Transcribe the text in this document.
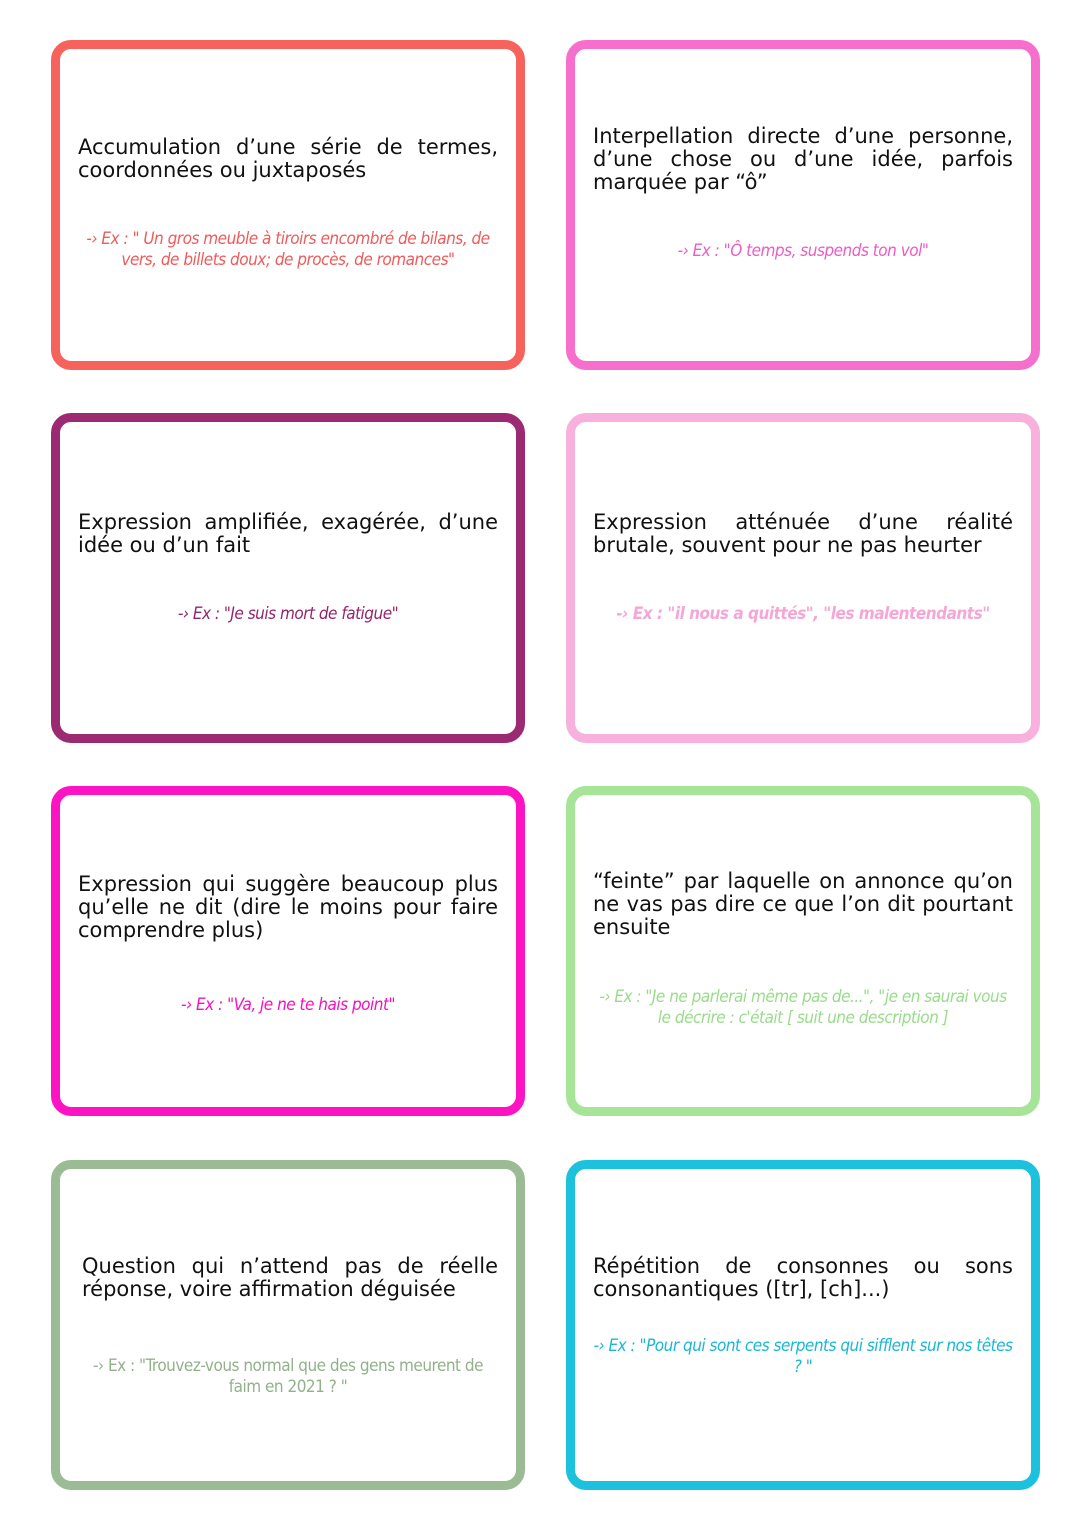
Accumulation d’une série de termes, coordonnées ou juxtaposés

-› Ex : " Un gros meuble à tiroirs encombré de bilans, de vers, de billets doux; de procès, de romances"

Interpellation directe d’une personne, d’une chose ou d’une idée, parfois marquée par “ô”

-› Ex : "Ô temps, suspends ton vol"

Expression amplifiée, exagérée, d’une idée ou d’un fait

-› Ex : "Je suis mort de fatigue"

Expression atténuée d’une réalité brutale, souvent pour ne pas heurter

-› Ex : "il nous a quittés", "les malentendants"

Expression qui suggère beaucoup plus qu’elle ne dit (dire le moins pour faire comprendre plus)

-› Ex : "Va, je ne te hais point"

“feinte” par laquelle on annonce qu’on ne vas pas dire ce que l’on dit pourtant ensuite

-› Ex : "Je ne parlerai même pas de...", "je en saurai vous le décrire : c'était [ suit une description ]

Question qui n’attend pas de réelle réponse, voire affirmation déguisée

-› Ex : "Trouvez-vous normal que des gens meurent de faim en 2021 ? "

Répétition de consonnes ou sons consonantiques ([tr], [ch]...)

-› Ex : "Pour qui sont ces serpents qui sifflent sur nos têtes ? "
